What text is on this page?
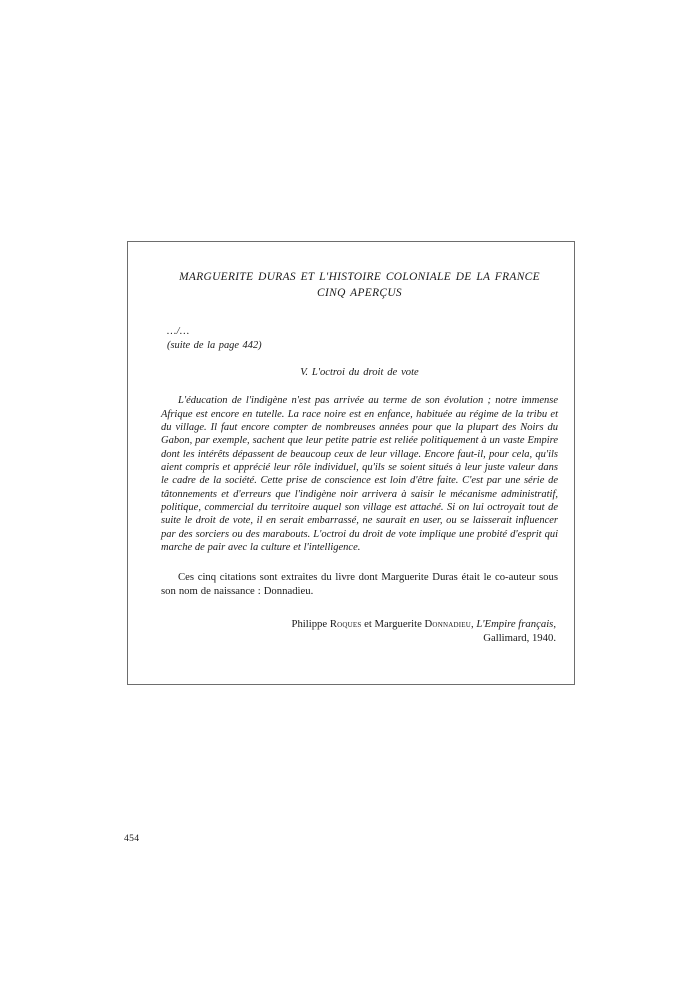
MARGUERITE DURAS ET L'HISTOIRE COLONIALE DE LA FRANCE
CINQ APERÇUS
…/…
(suite de la page 442)
V. L'octroi du droit de vote

L'éducation de l'indigène n'est pas arrivée au terme de son évolution ; notre immense Afrique est encore en tutelle. La race noire est en enfance, habituée au régime de la tribu et du village. Il faut encore compter de nombreuses années pour que la plupart des Noirs du Gabon, par exemple, sachent que leur petite patrie est reliée politiquement à un vaste Empire dont les intérêts dépassent de beaucoup ceux de leur village. Encore faut-il, pour cela, qu'ils aient compris et apprécié leur rôle individuel, qu'ils se soient situés à leur juste valeur dans le cadre de la société. Cette prise de conscience est loin d'être faite. C'est par une série de tâtonnements et d'erreurs que l'indigène noir arrivera à saisir le mécanisme administratif, politique, commercial du territoire auquel son village est attaché. Si on lui octroyait tout de suite le droit de vote, il en serait embarrassé, ne saurait en user, ou se laisserait influencer par des sorciers ou des marabouts. L'octroi du droit de vote implique une probité d'esprit qui marche de pair avec la culture et l'intelligence.

Ces cinq citations sont extraites du livre dont Marguerite Duras était le co-auteur sous son nom de naissance : Donnadieu.

Philippe Roques et Marguerite Donnadieu, L'Empire français,
Gallimard, 1940.
454
